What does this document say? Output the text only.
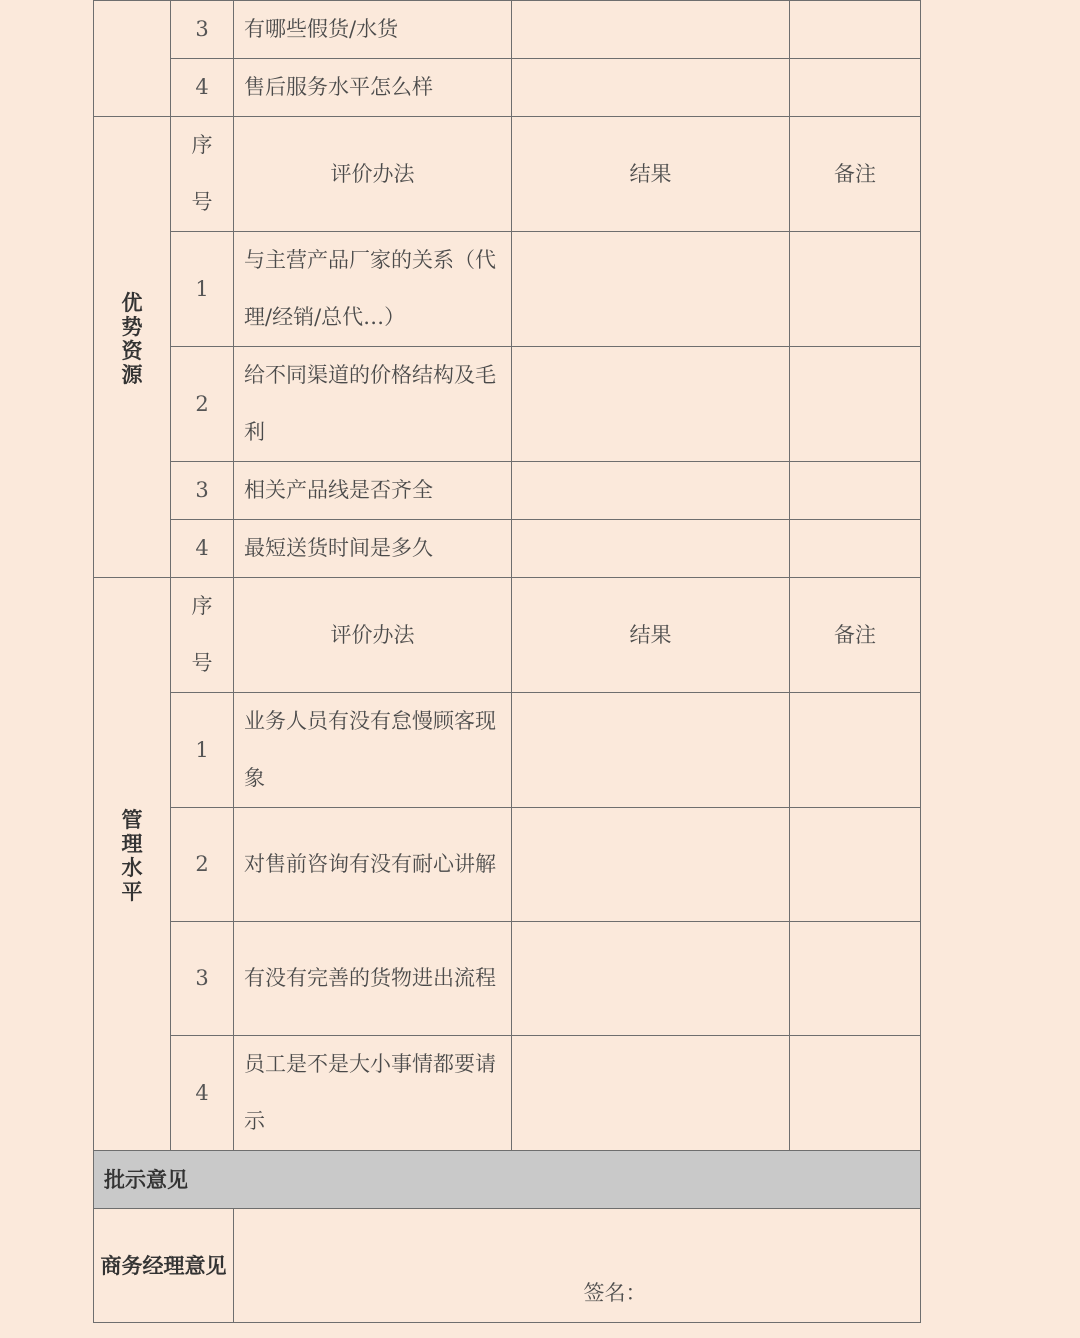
	3	有哪些假货/水货		
	4	售后服务水平怎么样		
优势资源	序号	评价办法	结果	备注
	1	与主营产品厂家的关系（代理/经销/总代…）		
	2	给不同渠道的价格结构及毛利		
	3	相关产品线是否齐全		
	4	最短送货时间是多久		
管理水平	序号	评价办法	结果	备注
	1	业务人员有没有怠慢顾客现象		
	2	对售前咨询有没有耐心讲解		
	3	有没有完善的货物进出流程		
	4	员工是不是大小事情都要请示		
批示意见				
商务经理意见		签名：		
